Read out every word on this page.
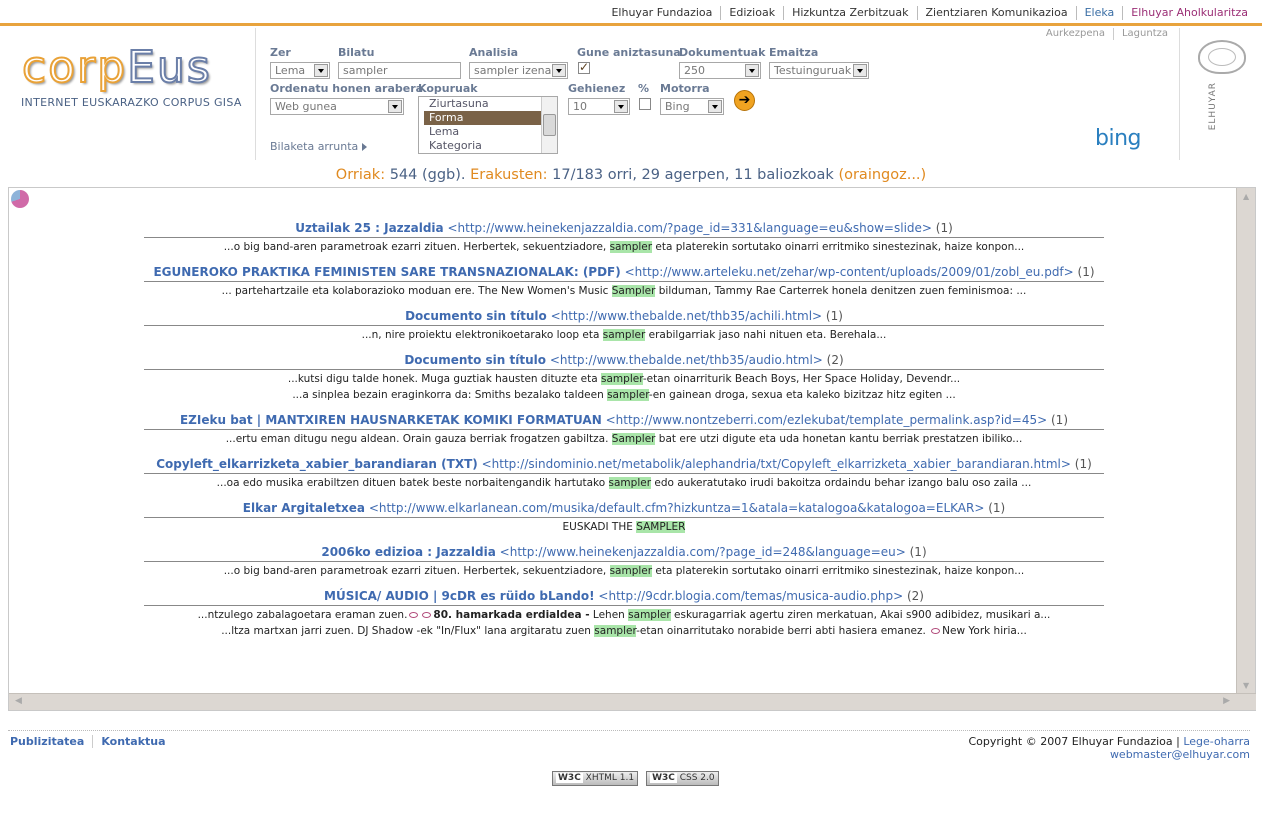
Elhuyar Fundazioa	Edizioak	Hizkuntza Zerbitzuak	Zientziaren Komunikazioa	Eleka	Elhuyar Aholkularitza
corpEus
INTERNET EUSKARAZKO CORPUS GISA
Aurkezpena	Laguntza
Zer	Bilatu	Analisia	Gune aniztasuna
Dokumentuak Emaitza
Lema	sampler	sampler izena
✓	250	Testuinguruak
Ordenatu honen arabera
Kopuruak	Gehienez % Motorra
Web gunea	Ziurtasuna
Forma
Lema
Kategoria
10	Bing	➔
Bilaketa arrunta	bing
ELHUYAR
Orriak: 544 (ggb). Erakusten: 17/183 orri, 29 agerpen, 11 baliozkoak (oraingoz...)
Uztailak 25 : Jazzaldia <http://www.heinekenjazzaldia.com/?page_id=331&language=eu&show=slide> (1)
...o big band-aren parametroak ezarri zituen. Herbertek, sekuentziadore, sampler eta platerekin sortutako oinarri erritmiko sinestezinak, haize konpon...
EGUNEROKO PRAKTIKA FEMINISTEN SARE TRANSNAZIONALAK: (PDF) <http://www.arteleku.net/zehar/wp-content/uploads/2009/01/zobl_eu.pdf> (1)
... partehartzaile eta kolaborazioko moduan ere. The New Women's Music Sampler bilduman, Tammy Rae Carterrek honela denitzen zuen feminismoa: ...
Documento sin título <http://www.thebalde.net/thb35/achili.html> (1)
...n, nire proiektu elektronikoetarako loop eta sampler erabilgarriak jaso nahi nituen eta. Berehala...
Documento sin título <http://www.thebalde.net/thb35/audio.html> (2)
...kutsi digu talde honek. Muga guztiak hausten dituzte eta sampler-etan oinarriturik Beach Boys, Her Space Holiday, Devendr...
...a sinplea bezain eraginkorra da: Smiths bezalako taldeen sampler-en gainean droga, sexua eta kaleko bizitzaz hitz egiten ...
EZIeku bat | MANTXIREN HAUSNARKETAK KOMIKI FORMATUAN <http://www.nontzeberri.com/ezlekubat/template_permalink.asp?id=45> (1)
...ertu eman ditugu negu aldean. Orain gauza berriak frogatzen gabiltza. Sampler bat ere utzi digute eta uda honetan kantu berriak prestatzen ibiliko...
Copyleft_elkarrizketa_xabier_barandiaran (TXT) <http://sindominio.net/metabolik/alephandria/txt/Copyleft_elkarrizketa_xabier_barandiaran.html> (1)
...oa edo musika erabiltzen dituen batek beste norbaitengandik hartutako sampler edo aukeratutako irudi bakoitza ordaindu behar izango balu oso zaila ...
Elkar Argitaletxea <http://www.elkarlanean.com/musika/default.cfm?hizkuntza=1&atala=katalogoa&katalogoa=ELKAR> (1)
EUSKADI THE SAMPLER
2006ko edizioa : Jazzaldia <http://www.heinekenjazzaldia.com/?page_id=248&language=eu> (1)
...o big band-aren parametroak ezarri zituen. Herbertek, sekuentziadore, sampler eta platerekin sortutako oinarri erritmiko sinestezinak, haize konpon...
MÚSICA/ AUDIO | 9cDR es rüido bLando! <http://9cdr.blogia.com/temas/musica-audio.php> (2)
...ntzulego zabalagoetara eraman zuen. 80. hamarkada erdialdea - Lehen sampler eskuragarriak agertu ziren merkatuan, Akai s900 adibidez, musikari a...
...ltza martxan jarri zuen. DJ Shadow -ek "In/Flux" lana argitaratu zuen sampler-etan oinarritutako norabide berri abti hasiera emanez. New York hiria...
▲
▼
◀	▶
Publizitatea	Kontaktua	Copyright © 2007 Elhuyar Fundazioa | Lege-oharra
webmaster@elhuyar.com
W3C XHTML 1.1	W3C CSS 2.0
